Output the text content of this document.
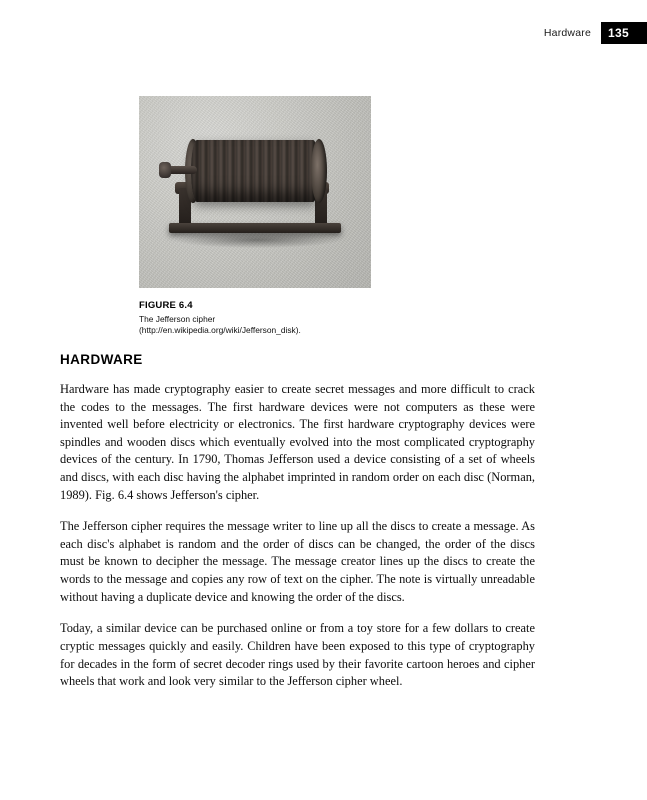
Hardware	135
FIGURE 6.4
The Jefferson cipher (http://en.wikipedia.org/wiki/Jefferson_disk).
HARDWARE

Hardware has made cryptography easier to create secret messages and more difficult to crack the codes to the messages. The first hardware devices were not computers as these were invented well before electricity or electronics. The first hardware cryptography devices were spindles and wooden discs which eventually evolved into the most complicated cryptography devices of the century. In 1790, Thomas Jefferson used a device consisting of a set of wheels and discs, with each disc having the alphabet imprinted in random order on each disc (Norman, 1989). Fig. 6.4 shows Jefferson's cipher.

The Jefferson cipher requires the message writer to line up all the discs to create a message. As each disc's alphabet is random and the order of discs can be changed, the order of the discs must be known to decipher the message. The message creator lines up the discs to create the words to the message and copies any row of text on the cipher. The note is virtually unreadable without having a duplicate device and knowing the order of the discs.

Today, a similar device can be purchased online or from a toy store for a few dollars to create cryptic messages quickly and easily. Children have been exposed to this type of cryptography for decades in the form of secret decoder rings used by their favorite cartoon heroes and cipher wheels that work and look very similar to the Jefferson cipher wheel.
